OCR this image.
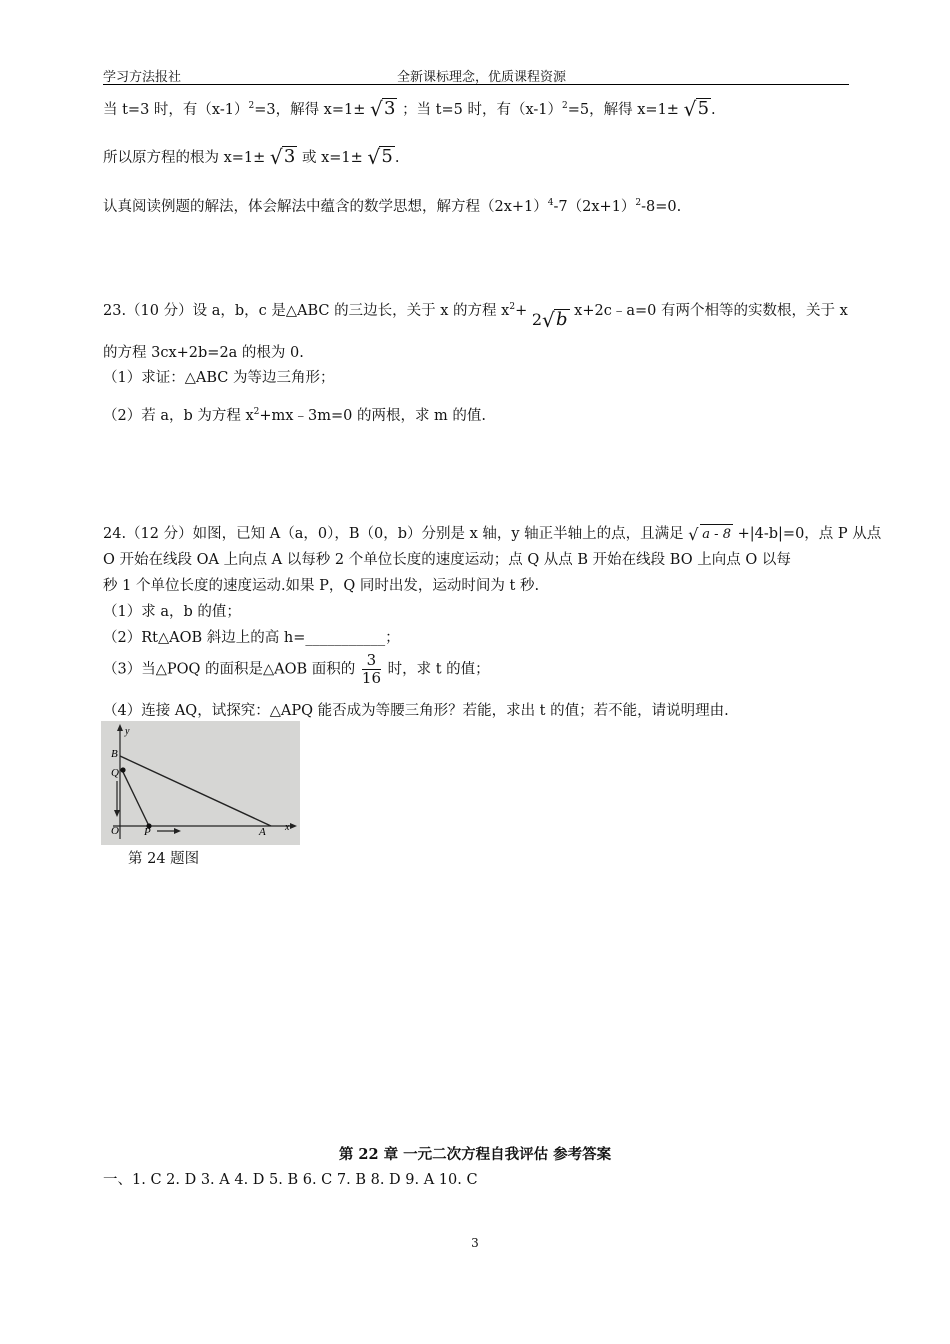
学习方法报社	全新课标理念，优质课程资源
当 t=3 时，有$(x-1)^2=3$，解得 x=1± √ 3 ；当 t=5 时，有$(x-1)^2=5$，解得 x=1± √ 5 .
所以原方程的根为 x=1± √ 3 或 x=1± √ 5 .
认真阅读例题的解法，体会解法中蕴含的数学思想，解方程$(2x+1)^4-7(2x+1)^2-8=0$.
23.（10 分）设 a，b，c 是△ABC 的三边长，关于 x 的方程 $x^2+ 2$ √ b x+2c﹣a=0 有两个相等的实数根，关于 x
的方程 3cx+2b=2a 的根为 0.
（1）求证：△ABC 为等边三角形；
（2）若 a，b 为方程 $x^2+mx﹣3m=0$ 的两根，求 m 的值.
24.（12 分）如图，已知 A（a，0），B（0，b）分别是 x 轴，y 轴正半轴上的点，且满足 √ a - 8 +|4-b|=0，点 P 从点
O 开始在线段 OA 上向点 A 以每秒 2 个单位长度的速度运动；点 Q 从点 B 开始在线段 BO 上向点 O 以每
秒 1 个单位长度的速度运动.如果 P，Q 同时出发，运动时间为 t 秒.
（1）求 a，b 的值；
（2）Rt△AOB 斜边上的高 h=___________；
（3）当△POQ 的面积是△AOB 面积的 $\frac{3}{16}$ 时，求 t 的值；
（4）连接 AQ，试探究：△APQ 能否成为等腰三角形？若能，求出 t 的值；若不能，请说明理由.
y
B
Q
O P	A x
第 24 题图
第 22 章 一元二次方程自我评估 参考答案
一、1. C 2. D 3. A 4. D 5. B 6. C 7. B 8. D 9. A 10. C
3
